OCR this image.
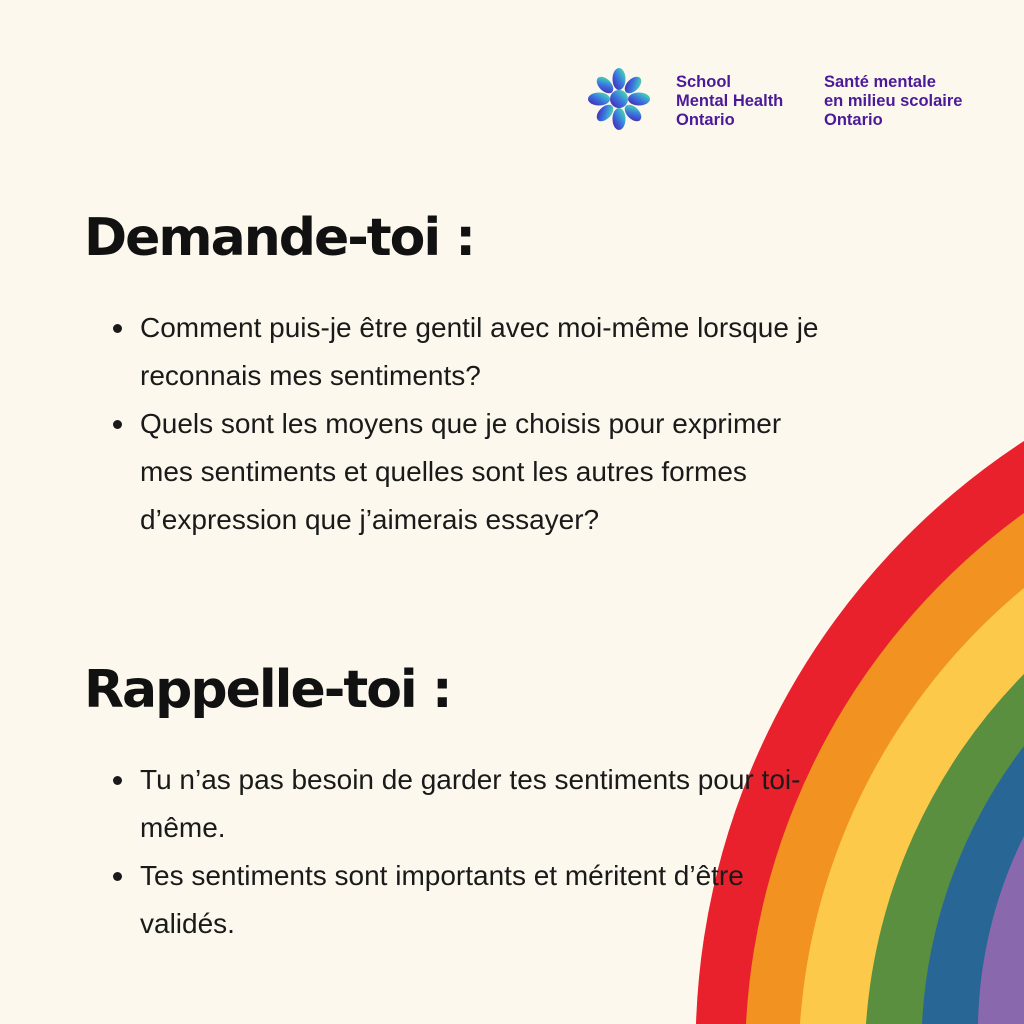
School
Mental Health
Ontario

Santé mentale
en milieu scolaire
Ontario

Demande-toi :
Comment puis-je être gentil avec moi-même lorsque je reconnais mes sentiments?
Quels sont les moyens que je choisis pour exprimer mes sentiments et quelles sont les autres formes d’expression que j’aimerais essayer?
Rappelle-toi :
Tu n’as pas besoin de garder tes sentiments pour toi-même.
Tes sentiments sont importants et méritent d’être validés.
